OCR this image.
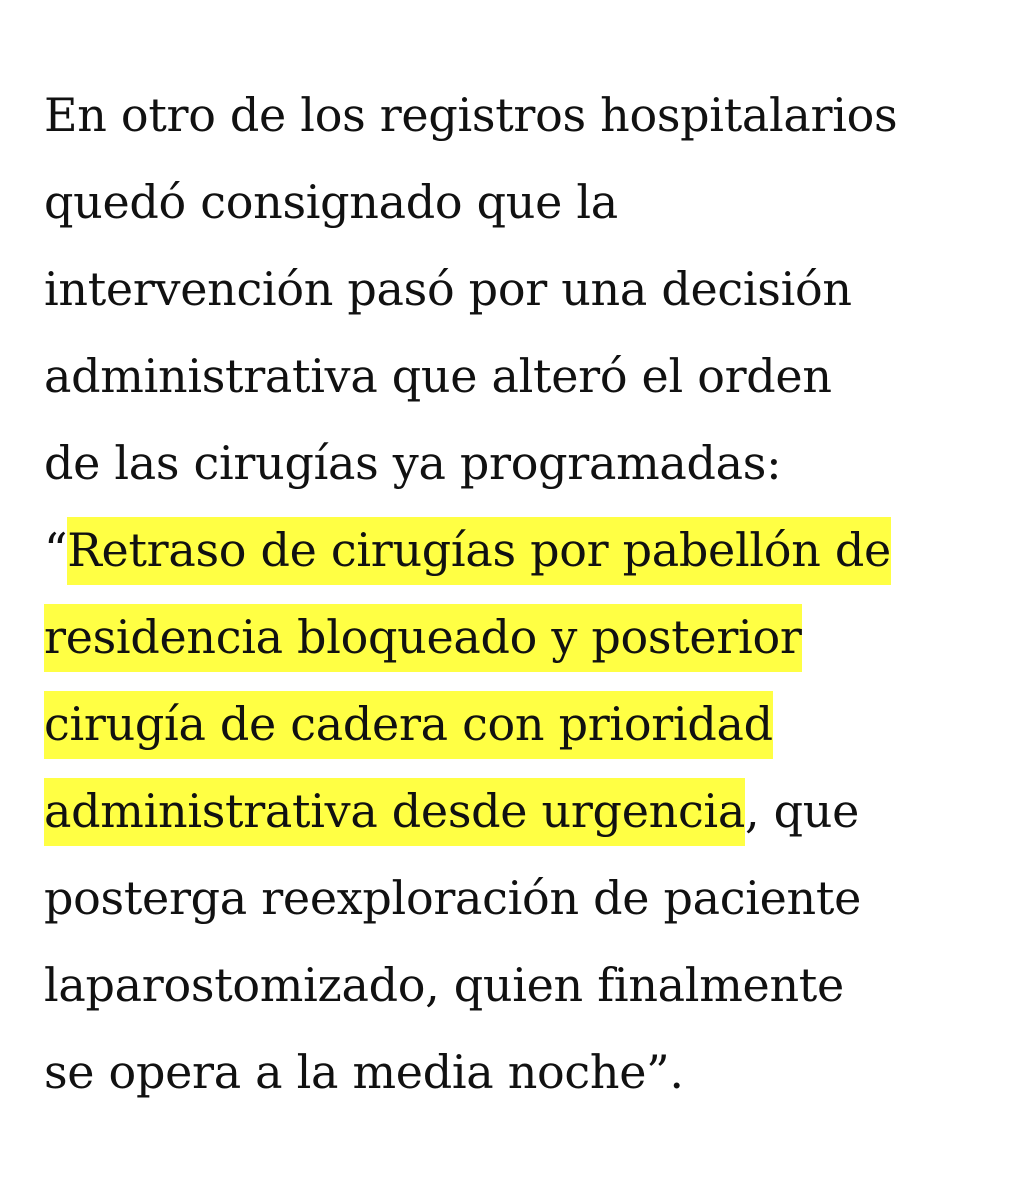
En otro de los registros hospitalarios
quedó consignado que la
intervención pasó por una decisión
administrativa que alteró el orden
de las cirugías ya programadas:
“Retraso de cirugías por pabellón de
residencia bloqueado y posterior
cirugía de cadera con prioridad
administrativa desde urgencia, que
posterga reexploración de paciente
laparostomizado, quien finalmente
se opera a la media noche”.
